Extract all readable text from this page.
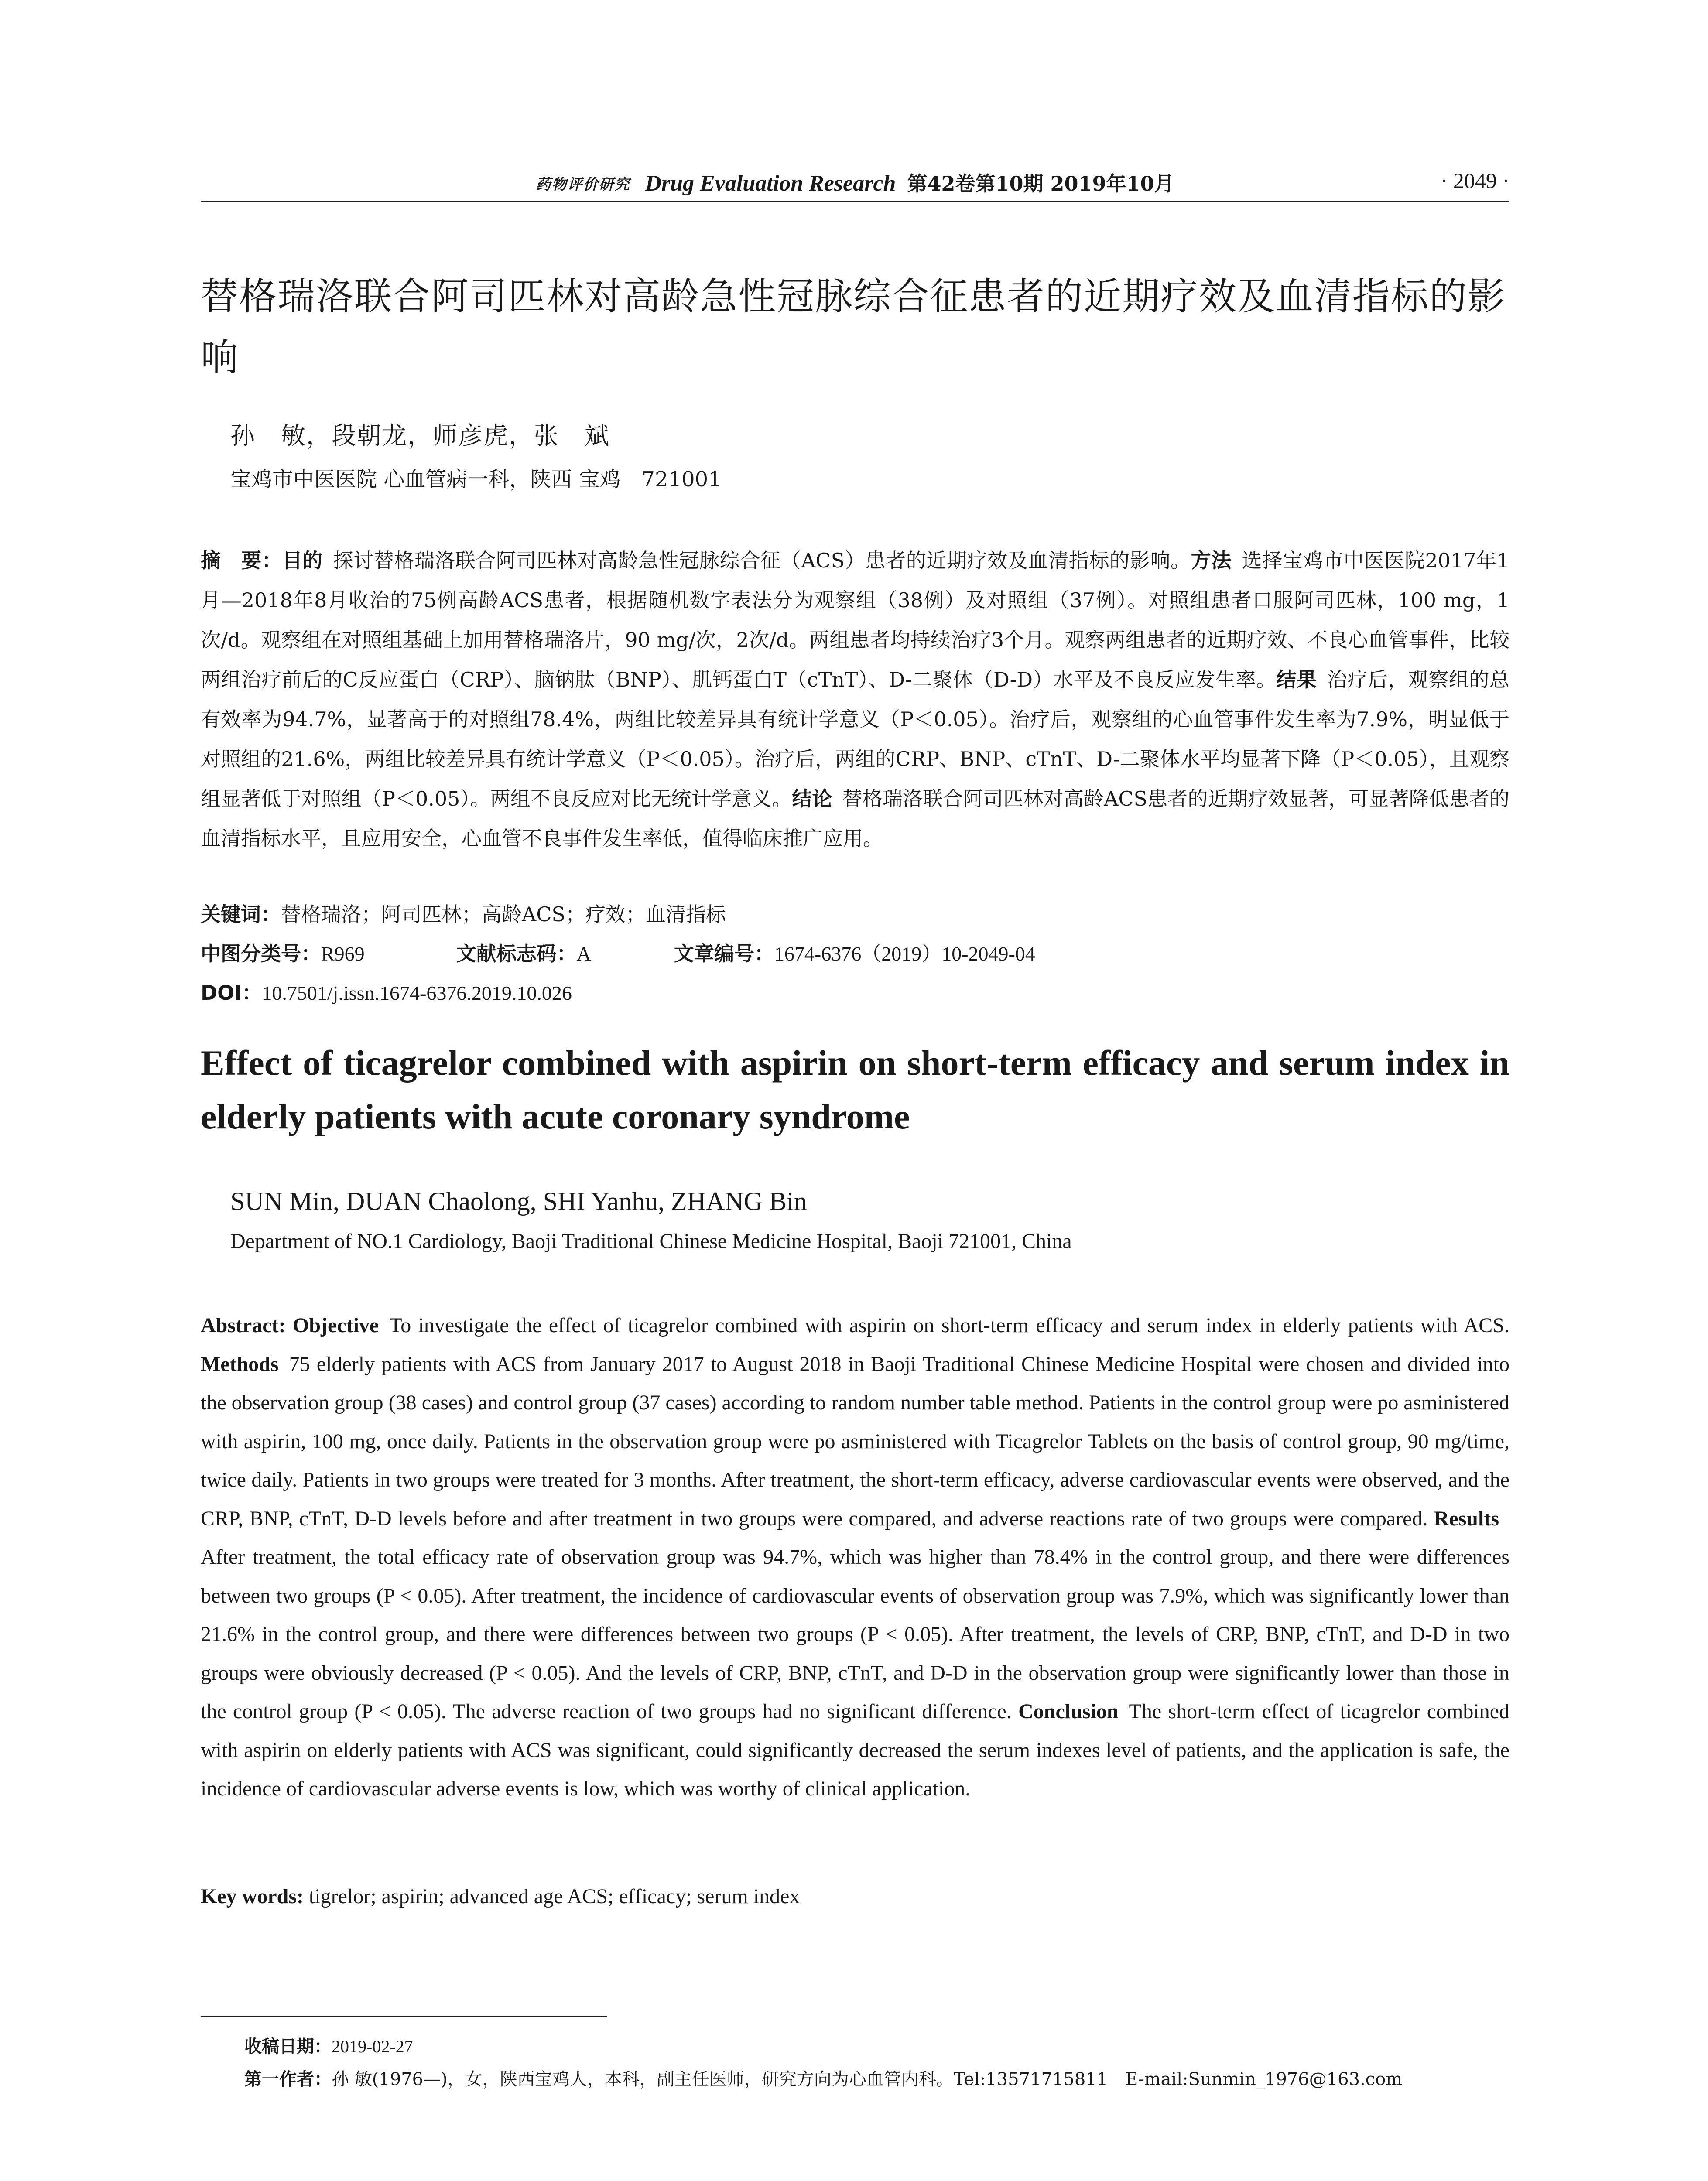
药物评价研究 Drug Evaluation Research 第42卷第10期 2019年10月	· 2049 ·
替格瑞洛联合阿司匹林对高龄急性冠脉综合征患者的近期疗效及血清指标的影响
孙　敏，段朝龙，师彦虎，张　斌
宝鸡市中医医院 心血管病一科，陕西 宝鸡　721001
摘　要：目的  探讨替格瑞洛联合阿司匹林对高龄急性冠脉综合征（ACS）患者的近期疗效及血清指标的影响。方法  选择宝鸡市中医医院2017年1月—2018年8月收治的75例高龄ACS患者，根据随机数字表法分为观察组（38例）及对照组（37例）。对照组患者口服阿司匹林，100 mg，1次/d。观察组在对照组基础上加用替格瑞洛片，90 mg/次，2次/d。两组患者均持续治疗3个月。观察两组患者的近期疗效、不良心血管事件，比较两组治疗前后的C反应蛋白（CRP）、脑钠肽（BNP）、肌钙蛋白T（cTnT）、D-二聚体（D-D）水平及不良反应发生率。结果  治疗后，观察组的总有效率为94.7%，显著高于的对照组78.4%，两组比较差异具有统计学意义（P＜0.05）。治疗后，观察组的心血管事件发生率为7.9%，明显低于对照组的21.6%，两组比较差异具有统计学意义（P＜0.05）。治疗后，两组的CRP、BNP、cTnT、D-二聚体水平均显著下降（P＜0.05），且观察组显著低于对照组（P＜0.05）。两组不良反应对比无统计学意义。结论  替格瑞洛联合阿司匹林对高龄ACS患者的近期疗效显著，可显著降低患者的血清指标水平，且应用安全，心血管不良事件发生率低，值得临床推广应用。
关键词：替格瑞洛；阿司匹林；高龄ACS；疗效；血清指标
中图分类号：R969	文献标志码：A	文章编号：1674-6376（2019）10-2049-04
DOI：10.7501/j.issn.1674-6376.2019.10.026
Effect of ticagrelor combined with aspirin on short-term efficacy and serum index in elderly patients with acute coronary syndrome
SUN Min, DUAN Chaolong, SHI Yanhu, ZHANG Bin
Department of NO.1 Cardiology, Baoji Traditional Chinese Medicine Hospital, Baoji 721001, China
Abstract: Objective  To investigate the effect of ticagrelor combined with aspirin on short-term efficacy and serum index in elderly patients with ACS. Methods  75 elderly patients with ACS from January 2017 to August 2018 in Baoji Traditional Chinese Medicine Hospital were chosen and divided into the observation group (38 cases) and control group (37 cases) according to random number table method. Patients in the control group were po asministered with aspirin, 100 mg, once daily. Patients in the observation group were po asministered with Ticagrelor Tablets on the basis of control group, 90 mg/time, twice daily. Patients in two groups were treated for 3 months. After treatment, the short-term efficacy, adverse cardiovascular events were observed, and the CRP, BNP, cTnT, D-D levels before and after treatment in two groups were compared, and adverse reactions rate of two groups were compared. Results After treatment, the total efficacy rate of observation group was 94.7%, which was higher than 78.4% in the control group, and there were differences between two groups (P < 0.05). After treatment, the incidence of cardiovascular events of observation group was 7.9%, which was significantly lower than 21.6% in the control group, and there were differences between two groups (P < 0.05). After treatment, the levels of CRP, BNP, cTnT, and D-D in two groups were obviously decreased (P < 0.05). And the levels of CRP, BNP, cTnT, and D-D in the observation group were significantly lower than those in the control group (P < 0.05). The adverse reaction of two groups had no significant difference. Conclusion  The short-term effect of ticagrelor combined with aspirin on elderly patients with ACS was significant, could significantly decreased the serum indexes level of patients, and the application is safe, the incidence of cardiovascular adverse events is low, which was worthy of clinical application.
Key words: tigrelor; aspirin; advanced age ACS; efficacy; serum index
收稿日期：2019-02-27
第一作者：孙 敏(1976—)，女，陕西宝鸡人，本科，副主任医师，研究方向为心血管内科。Tel:13571715811　E-mail:Sunmin_1976@163.com
